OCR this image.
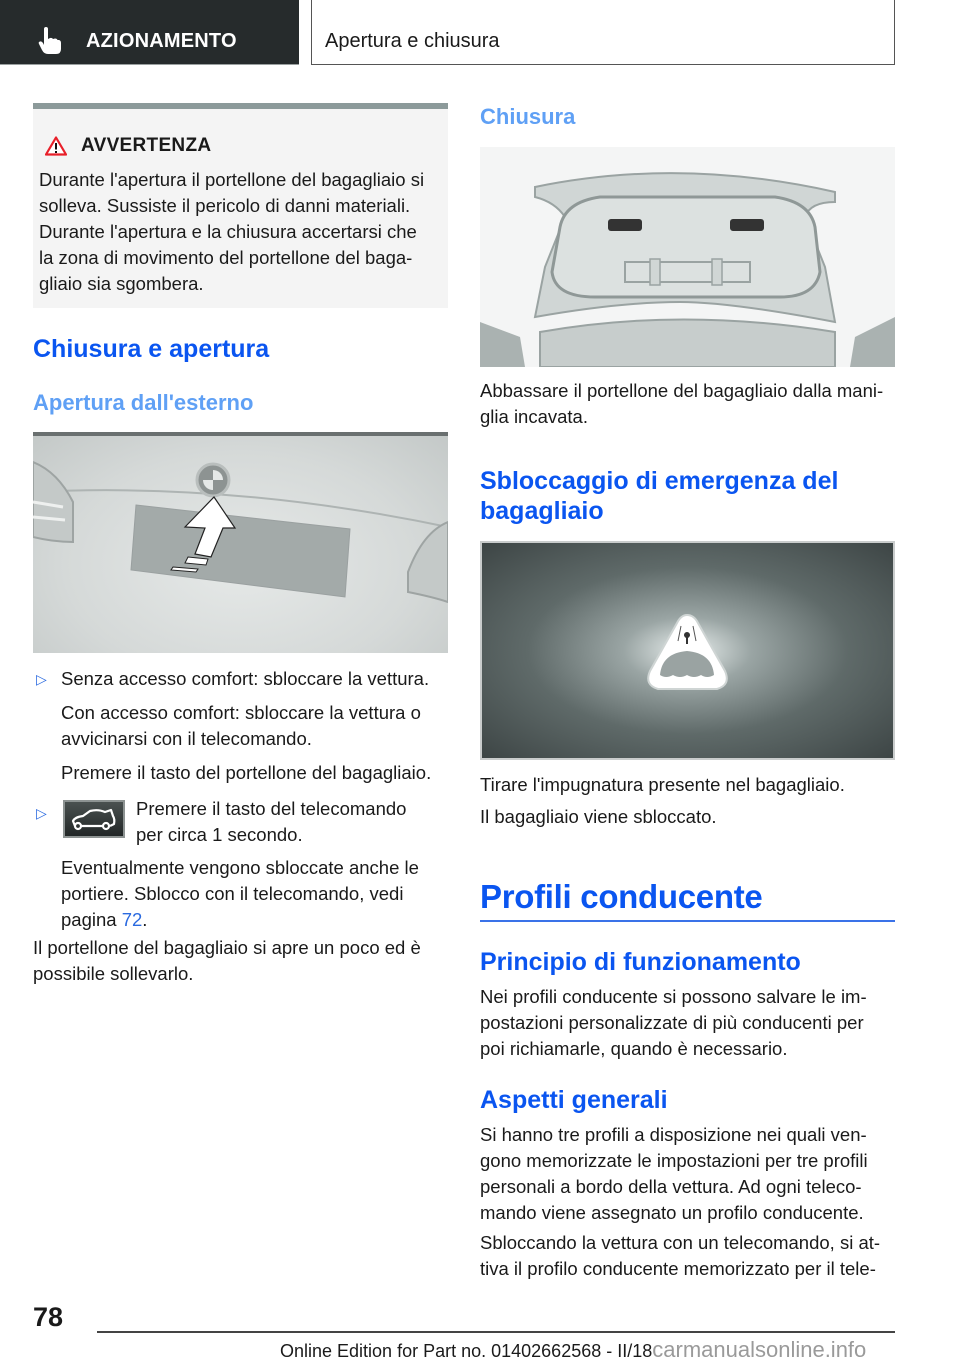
AZIONAMENTO	Apertura e chiusura
AVVERTENZA
Durante l'apertura il portellone del bagagliaio si
solleva. Sussiste il pericolo di danni materiali.
Durante l'apertura e la chiusura accertarsi che
la zona di movimento del portellone del baga-
gliaio sia sgombera.
Chiusura e apertura
Apertura dall'esterno
▷ Senza accesso comfort: sbloccare la vettura.
Con accesso comfort: sbloccare la vettura o
avvicinarsi con il telecomando.
Premere il tasto del portellone del bagagliaio.
▷	Premere il tasto del telecomando
per circa 1 secondo.
Eventualmente vengono sbloccate anche le
portiere. Sblocco con il telecomando, vedi
pagina 72.
Il portellone del bagagliaio si apre un poco ed è
possibile sollevarlo.
Chiusura
Abbassare il portellone del bagagliaio dalla mani-
glia incavata.
Sbloccaggio di emergenza del
bagagliaio

Tirare l'impugnatura presente nel bagagliaio.

Il bagagliaio viene sbloccato.

Profili conducente
Principio di funzionamento
Nei profili conducente si possono salvare le im-
postazioni personalizzate di più conducenti per
poi richiamarle, quando è necessario.
Aspetti generali
Si hanno tre profili a disposizione nei quali ven-
gono memorizzate le impostazioni per tre profili
personali a bordo della vettura. Ad ogni teleco-
mando viene assegnato un profilo conducente.
Sbloccando la vettura con un telecomando, si at-
tiva il profilo conducente memorizzato per il tele-
78
Online Edition for Part no. 01402662568 - II/18carmanualsonline.info
